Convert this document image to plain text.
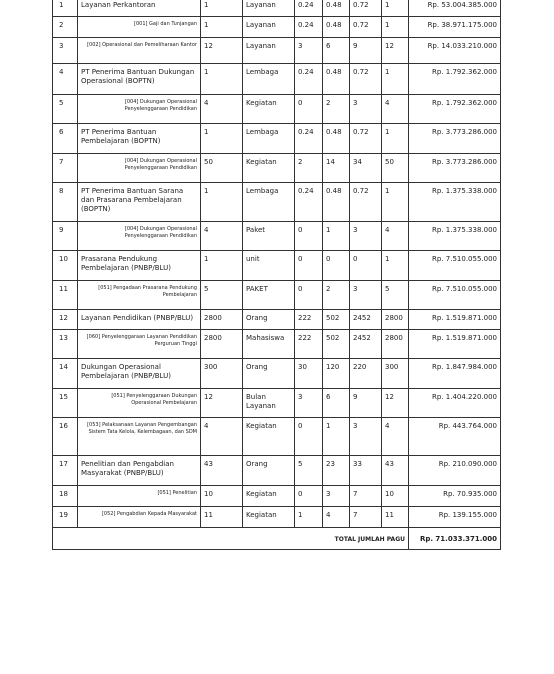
1	Layanan Perkantoran	1	Layanan	0.24	0.48	0.72	1	Rp. 53.004.385.000
2	[001] Gaji dan Tunjangan	1	Layanan	0.24	0.48	0.72	1	Rp. 38.971.175.000
3	[002] Operasional dan Pemeliharaan Kantor	12	Layanan	3	6	9	12	Rp. 14.033.210.000
4	PT Penerima Bantuan Dukungan Operasional (BOPTN)	1	Lembaga	0.24	0.48	0.72	1	Rp. 1.792.362.000
5	[004] Dukungan Operasional Penyelenggaraan Pendidikan	4	Kegiatan	0	2	3	4	Rp. 1.792.362.000
6	PT Penerima Bantuan Pembelajaran (BOPTN)	1	Lembaga	0.24	0.48	0.72	1	Rp. 3.773.286.000
7	[004] Dukungan Operasional Penyelenggaraan Pendidikan	50	Kegiatan	2	14	34	50	Rp. 3.773.286.000
8	PT Penerima Bantuan Sarana dan Prasarana Pembelajaran (BOPTN)	1	Lembaga	0.24	0.48	0.72	1	Rp. 1.375.338.000
9	[004] Dukungan Operasional Penyelenggaraan Pendidikan	4	Paket	0	1	3	4	Rp. 1.375.338.000
10	Prasarana Pendukung Pembelajaran (PNBP/BLU)	1	unit	0	0	0	1	Rp. 7.510.055.000
11	[051] Pengadaan Prasarana Pendukung Pembelajaran	5	PAKET	0	2	3	5	Rp. 7.510.055.000
12	Layanan Pendidikan (PNBP/BLU)	2800	Orang	222	502	2452	2800	Rp. 1.519.871.000
13	[060] Penyelenggaraan Layanan Pendidikan Perguruan Tinggi	2800	Mahasiswa	222	502	2452	2800	Rp. 1.519.871.000
14	Dukungan Operasional Pembelajaran (PNBP/BLU)	300	Orang	30	120	220	300	Rp. 1.847.984.000
15	[051] Penyelenggaraan Dukungan Operasional Pembelajaran	12	Bulan Layanan	3	6	9	12	Rp. 1.404.220.000
16	[053] Pelaksanaan Layanan Pengembangan Sistem Tata Kelola, Kelembagaan, dan SDM	4	Kegiatan	0	1	3	4	Rp. 443.764.000
17	Penelitian dan Pengabdian Masyarakat (PNBP/BLU)	43	Orang	5	23	33	43	Rp. 210.090.000
18	[051] Penelitian	10	Kegiatan	0	3	7	10	Rp. 70.935.000
19	[052] Pengabdian Kepada Masyarakat	11	Kegiatan	1	4	7	11	Rp. 139.155.000
TOTAL JUMLAH PAGU								Rp. 71.033.371.000
